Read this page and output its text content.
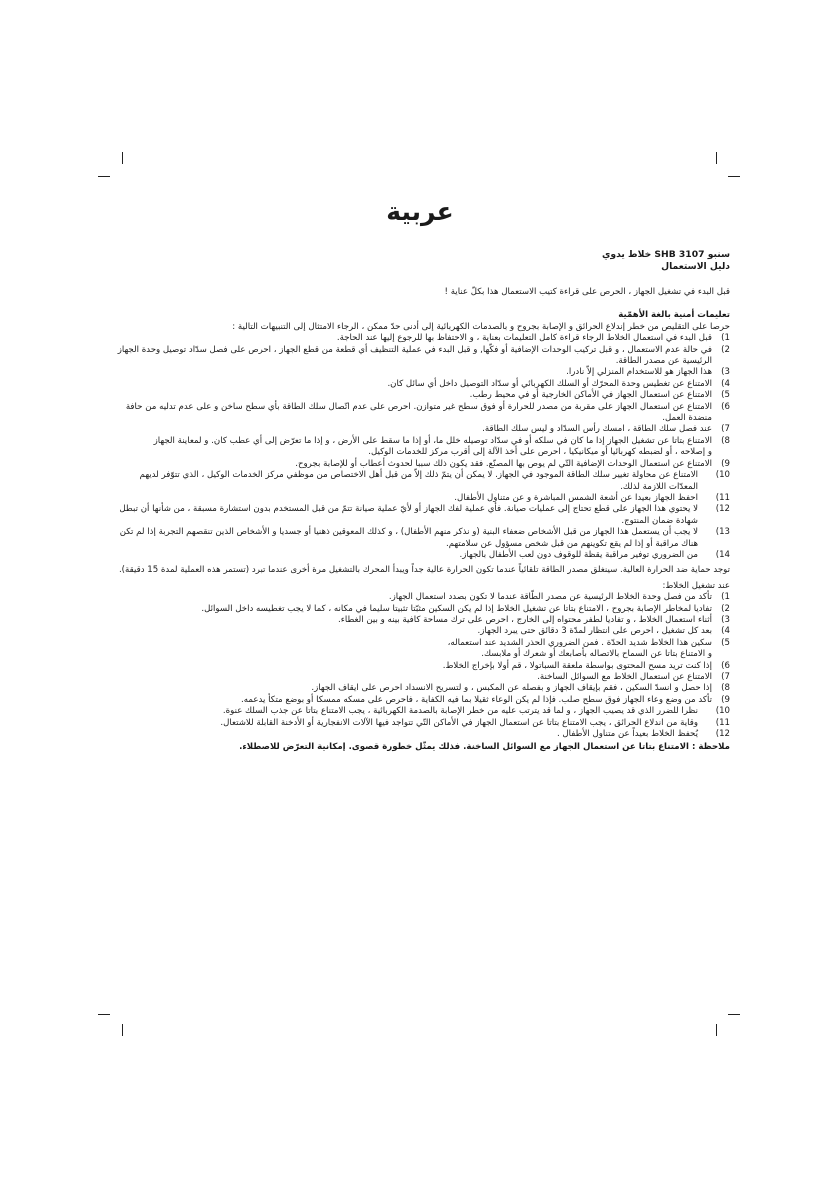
عربية
سنبو SHB 3107 خلاط يدوي
دليل الاستعمال

قبل البدء في تشغيل الجهاز ، الحرص على قراءة كتيب الاستعمال هذا بكلّ عناية !

تعليمات أمنية بالغة الأهمّية

حرصا على التقليص من خطر إندلاع الحرائق و الإصابة بجروح و بالصدمات الكهربائية إلى أدنى حدّ ممكن ، الرجاء الامتثال إلى التنبيهات التالية :

1)
قبل البدء في استعمال الخلاط الرجاء قراءة كامل التعليمات بعناية ، و الاحتفاظ بها للرجوع إليها عند الحاجة.
2)
في حالة عدم الاستعمال ، و قبل تركيب الوحدات الإضافية أو فكّها, و قبل البدء في عملية التنظيف أي قطعة من قطع الجهاز ، احرص على فصل سدّاد توصيل وحدة الجهاز الرئيسية عن مصدر الطاقة.
3)
هذا الجهاز هو للاستخدام المنزلي إلاّ نادرا.
4)
الامتناع عن تغطيس وحدة المحرّك أو السلك الكهربائي أو سدّاد التوصيل داخل أي سائل كان.
5)
الامتناع عن استعمال الجهاز في الأماكن الخارجية أو في محيط رطب.
6)
الامتناع عن استعمال الجهاز على مقربة من مصدر للحرارة أو فوق سطح غير متوازن. احرص على عدم اتّصال سلك الطاقة بأي سطح ساخن و على عدم تدليه من حافة منضدة العمل.
7)
عند فصل سلك الطاقة ، امسك رأس السدّاد و ليس سلك الطاقة.
8)
الامتناع بتاتا عن تشغيل الجهاز إذا ما كان في سلكه أو في سدّاد توصيله خلل ما، أو إذا ما سقط على الأرض ، و إذا ما تعرّض إلى أي عطب كان. و لمعاينة الجهاز
و إصلاحه ، أو لضبطه كهربائيا أو ميكانيكيا ، احرص على أخذ الآلة إلى أقرب مركز للخدمات الوكيل.
9)
الامتناع عن استعمال الوحدات الإضافية التّي لم يوص بها المصنّع. فقد يكون ذلك سببا لحدوث أعطاب أو للإصابة بجروح.
10)
الامتناع عن محاولة تغيير سلك الطاقة الموجود في الجهاز. لا يمكن أن يتمّ ذلك إلاّ من قبل أهل الاختصاص من موظفي مركز الخدمات الوكيل ، الذي تتوّفر لديهم المعدّات اللازمة لذلك.
11)
احفظ الجهاز بعيدا عن أشعة الشمس المباشرة و عن متناول الأطفال.
12)
لا يحتوي هذا الجهاز على قطع تحتاج إلى عمليات صيانة. فأي عملية لفك الجهاز أو لأيّ عملية صيانة تتمّ من قبل المستخدم بدون استشارة مسبقة ، من شأنها أن تبطل شهادة ضمان المنتوج.
13)
لا يجب أن يستعمل هذا الجهاز من قبل الأشخاص ضعفاء البنية (و نذكر منهم الأطفال) ، و كذلك المعوقين ذهنيا أو جسديا و الأشخاص الذين تنقصهم التجربة إذا لم تكن هناك مراقبة أو إذا لم يقع تكوينهم من قبل شخص مسؤول عن سلامتهم.
14)
من الضروري توفير مراقبة يقظة للوقوف دون لعب الأطفال بالجهاز.

توجد حماية ضد الحرارة العالية. سينغلق مصدر الطاقة تلقائياً عندما تكون الحرارة عالية جداً ويبدأ المحرك بالتشغيل مرة أخرى عندما تبرد (تستمر هذه العملية لمدة 15 دقيقة).

عند تشغيل الخلاط:
1)
تأكد من فصل وحدة الخلاط الرئيسية عن مصدر الطّاقة عندما لا تكون بصدد استعمال الجهاز.
2)
تفاديا لمخاطر الإصابة بجروح ، الامتناع بتاتا عن تشغيل الخلاط إذا لم يكن السكين مثبّتا تثبيتا سليما في مكانه ، كما لا يجب تغطيسه داخل السوائل.
3)
أثناء استعمال الخلاط ، و تفاديا لطفر محتواه إلى الخارج ، احرص على ترك مساحة كافية بينه و بين الغطاء.
4)
بعد كل تشغيل ، احرص على انتظار لمدّة 3 دقائق حتى يبرد الجهاز.
5)
سكين هذا الخلاط شديد الحدّة . فمن الضروري الحذر الشديد عند استعماله،
و الامتناع بتاتا عن السماح بالاتصاله بأصابعك أو شعرك أو ملابسك.
6)
إذا كنت تريد مسح المحتوى بواسطة ملعقة السباتولا ، قم أولا بإخراج الخلاط.
7)
الامتناع عن استعمال الخلاط مع السوائل الساخنة.
8)
إذا حصل و انسدّ السكين ، فقم بإيقاف الجهاز و بفصله عن المكبس ، و لتسريح الانسداد احرص على ايقاف الجهاز.
9)
تأكد من وضع وعاء الجهاز فوق سطح صلب. فإذا لم يكن الوعاء ثقيلا بما فيه الكفاية ، فاحرص على مسكه ممسكا أو بوضع متكأ يدعمه.
10)
نظرا للضرر الذي قد يصيب الجهاز ، و لما قد يترتب عليه من خطر الإصابة بالصدمة الكهربائية ، يجب الامتناع بتاتا عن جذب السلك عنوة.
11)
وقاية من اندلاع الحرائق ، يجب الامتناع بتاتا عن استعمال الجهاز في الأماكن التّي تتواجد فيها الآلات الانفجارية أو الأدخنة القابلة للاشتعال.
12)
يُحفظ الخلاط بعيداً عن متناول الأطفال .
ملاحظة : الامتناع بتاتا عن استعمال الجهاز مع السوائل الساخنة. فذلك يمثّل خطورة قصوى. إمكانية التعرّض للاصطلاء.
